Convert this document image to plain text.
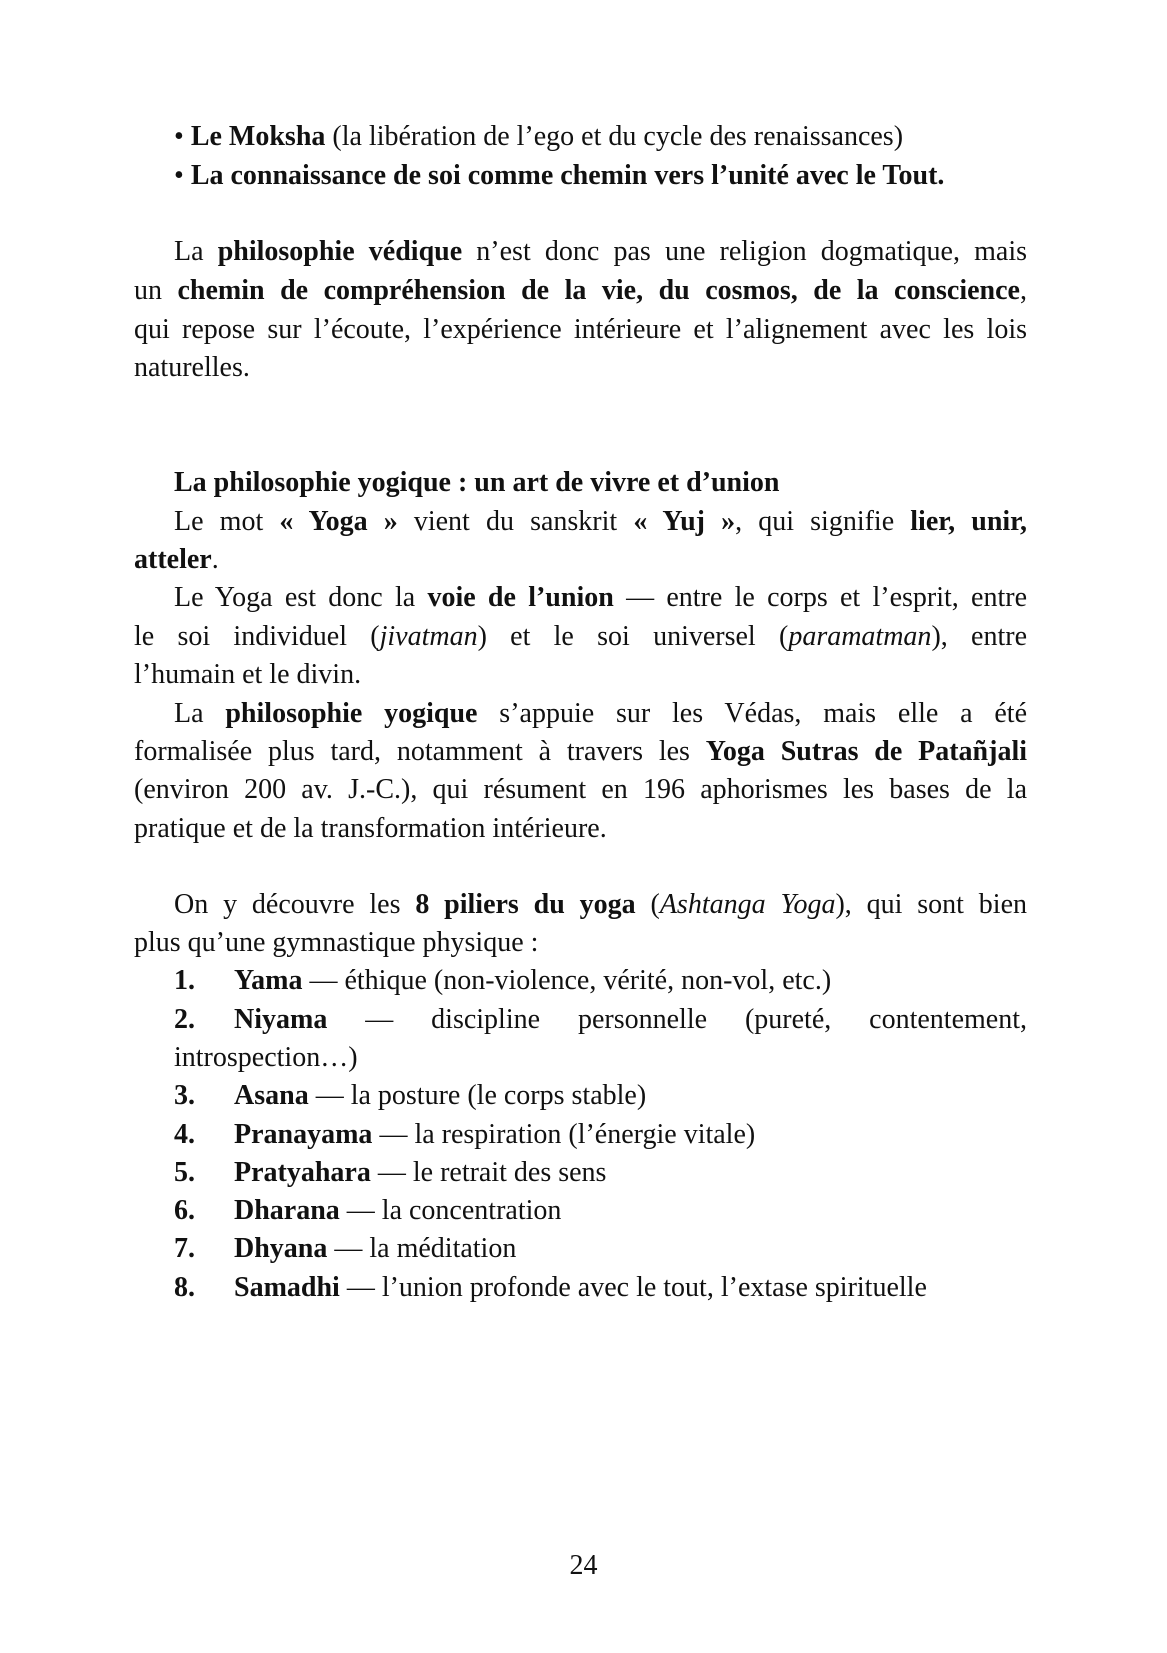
• Le Moksha (la libération de l’ego et du cycle des renaissances)
• La connaissance de soi comme chemin vers l’unité avec le Tout.
La philosophie védique n’est donc pas une religion dogmatique, mais
un chemin de compréhension de la vie, du cosmos, de la conscience,
qui repose sur l’écoute, l’expérience intérieure et l’alignement avec les lois
naturelles.
La philosophie yogique : un art de vivre et d’union
Le mot « Yoga » vient du sanskrit « Yuj », qui signifie lier, unir,
atteler.
Le Yoga est donc la voie de l’union — entre le corps et l’esprit, entre
le soi individuel (jivatman) et le soi universel (paramatman), entre
l’humain et le divin.
La philosophie yogique s’appuie sur les Védas, mais elle a été
formalisée plus tard, notamment à travers les Yoga Sutras de Patañjali
(environ 200 av. J.-C.), qui résument en 196 aphorismes les bases de la
pratique et de la transformation intérieure.
On y découvre les 8 piliers du yoga (Ashtanga Yoga), qui sont bien
plus qu’une gymnastique physique :
1. Yama — éthique (non-violence, vérité, non-vol, etc.)
2. Niyama — discipline personnelle (pureté, contentement,
introspection…)
3. Asana — la posture (le corps stable)
4. Pranayama — la respiration (l’énergie vitale)
5. Pratyahara — le retrait des sens
6. Dharana — la concentration
7. Dhyana — la méditation
8. Samadhi — l’union profonde avec le tout, l’extase spirituelle
24
